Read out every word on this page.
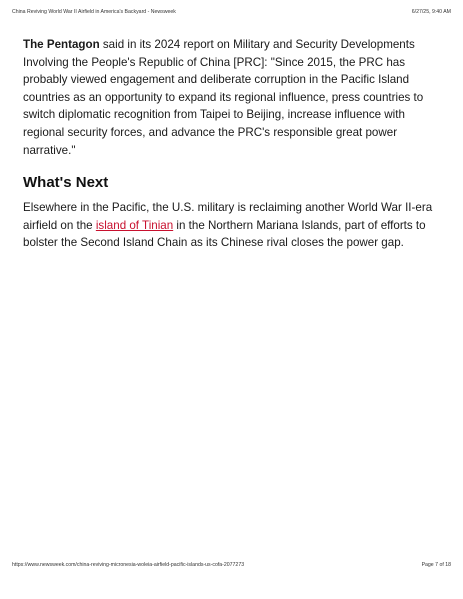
China Reviving World War II Airfield in America's Backyard - Newsweek	6/27/25, 9:40 AM

The Pentagon said in its 2024 report on Military and Security Developments Involving the People's Republic of China [PRC]: "Since 2015, the PRC has probably viewed engagement and deliberate corruption in the Pacific Island countries as an opportunity to expand its regional influence, press countries to switch diplomatic recognition from Taipei to Beijing, increase influence with regional security forces, and advance the PRC's responsible great power narrative."

What's Next

Elsewhere in the Pacific, the U.S. military is reclaiming another World War II-era airfield on the island of Tinian in the Northern Mariana Islands, part of efforts to bolster the Second Island Chain as its Chinese rival closes the power gap.

https://www.newsweek.com/china-reviving-micronesia-woleia-airfield-pacific-islands-us-cofa-2077273	Page 7 of 18
